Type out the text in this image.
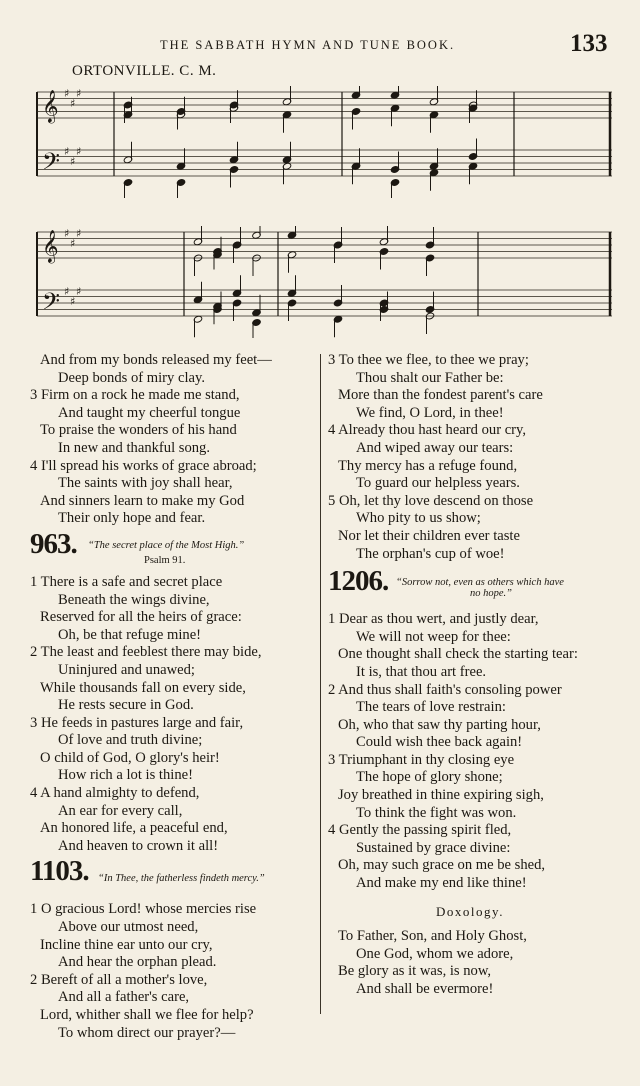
THE SABBATH HYMN AND TUNE BOOK.	133
ORTONVILLE. C. M.
𝄞 ♯
♯
♯
𝄢 ♯
♯
♯
𝄞 ♯
♯
♯
𝄢 ♯
♯
♯
And from my bonds released my feet—
Deep bonds of miry clay.
3 Firm on a rock he made me stand,
And taught my cheerful tongue
To praise the wonders of his hand
In new and thankful song.
4 I'll spread his works of grace abroad;
The saints with joy shall hear,
And sinners learn to make my God
Their only hope and fear.
963. “The secret place of the Most High.”
Psalm 91.
1 There is a safe and secret place
Beneath the wings divine,
Reserved for all the heirs of grace:
Oh, be that refuge mine!
2 The least and feeblest there may bide,
Uninjured and unawed;
While thousands fall on every side,
He rests secure in God.
3 He feeds in pastures large and fair,
Of love and truth divine;
O child of God, O glory's heir!
How rich a lot is thine!
4 A hand almighty to defend,
An ear for every call,
An honored life, a peaceful end,
And heaven to crown it all!
1103. “In Thee, the fatherless findeth mercy.”
1 O gracious Lord! whose mercies rise
Above our utmost need,
Incline thine ear unto our cry,
And hear the orphan plead.
2 Bereft of all a mother's love,
And all a father's care,
Lord, whither shall we flee for help?
To whom direct our prayer?—
3 To thee we flee, to thee we pray;
Thou shalt our Father be:
More than the fondest parent's care
We find, O Lord, in thee!
4 Already thou hast heard our cry,
And wiped away our tears:
Thy mercy has a refuge found,
To guard our helpless years.
5 Oh, let thy love descend on those
Who pity to us show;
Nor let their children ever taste
The orphan's cup of woe!
1206. “Sorrow not, even as others which have
no hope.”
1 Dear as thou wert, and justly dear,
We will not weep for thee:
One thought shall check the starting tear:
It is, that thou art free.
2 And thus shall faith's consoling power
The tears of love restrain:
Oh, who that saw thy parting hour,
Could wish thee back again!
3 Triumphant in thy closing eye
The hope of glory shone;
Joy breathed in thine expiring sigh,
To think the fight was won.
4 Gently the passing spirit fled,
Sustained by grace divine:
Oh, may such grace on me be shed,
And make my end like thine!
Doxology.
To Father, Son, and Holy Ghost,
One God, whom we adore,
Be glory as it was, is now,
And shall be evermore!
